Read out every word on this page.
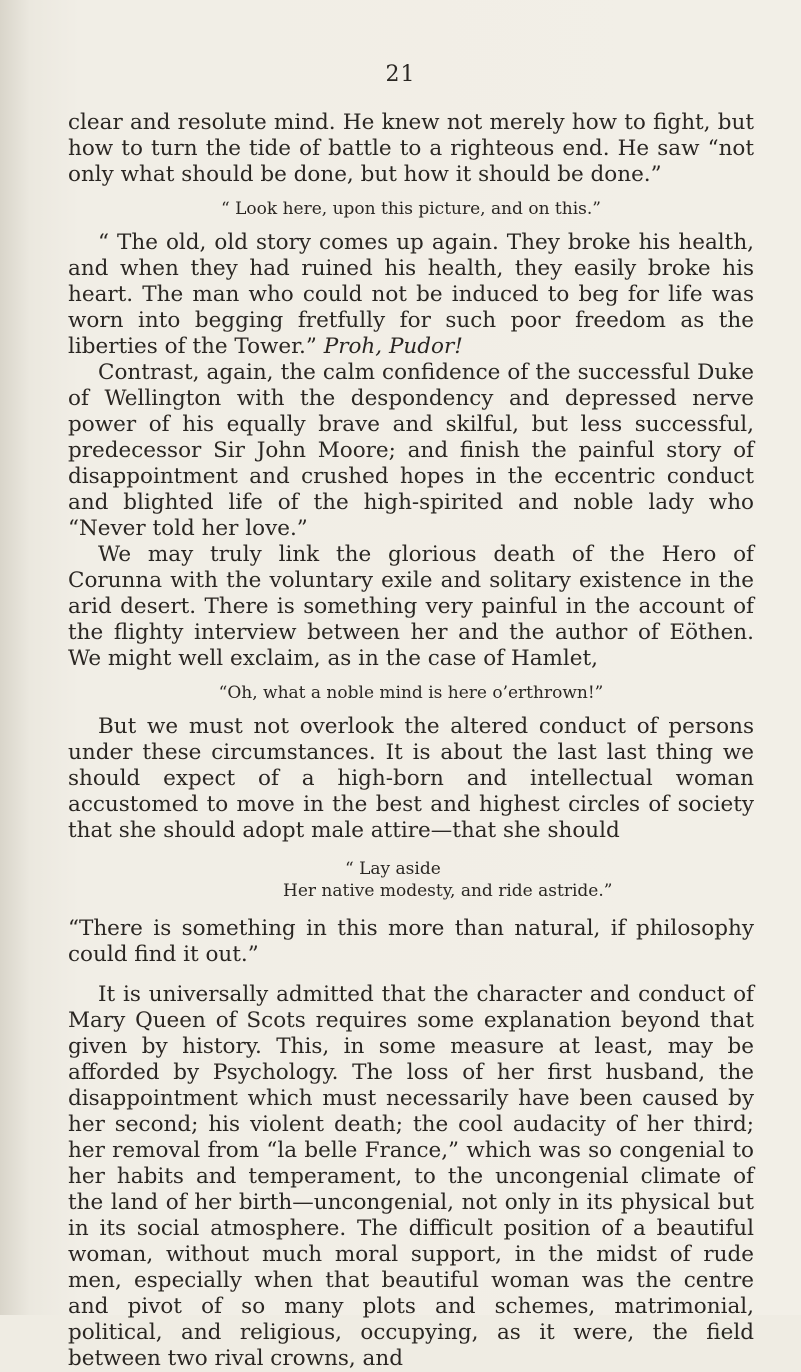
21

clear and resolute mind. He knew not merely how to fight, but how to turn the tide of battle to a righteous end. He saw “not only what should be done, but how it should be done.”

“ Look here, upon this picture, and on this.”

“ The old, old story comes up again. They broke his health, and when they had ruined his health, they easily broke his heart. The man who could not be induced to beg for life was worn into begging fretfully for such poor freedom as the liberties of the Tower.” Proh, Pudor!

Contrast, again, the calm confidence of the successful Duke of Wellington with the despondency and depressed nerve power of his equally brave and skilful, but less successful, predecessor Sir John Moore; and finish the painful story of disappointment and crushed hopes in the eccentric conduct and blighted life of the high-spirited and noble lady who “Never told her love.”

We may truly link the glorious death of the Hero of Corunna with the voluntary exile and solitary existence in the arid desert. There is something very painful in the account of the flighty interview between her and the author of Eöthen. We might well exclaim, as in the case of Hamlet,

“Oh, what a noble mind is here o’erthrown!”

But we must not overlook the altered conduct of persons under these circumstances. It is about the last last thing we should expect of a high-born and intellectual woman accustomed to move in the best and highest circles of society that she should adopt male attire—that she should

“ Lay aside
Her native modesty, and ride astride.”

“There is something in this more than natural, if philosophy could find it out.”

It is universally admitted that the character and conduct of Mary Queen of Scots requires some explanation beyond that given by history. This, in some measure at least, may be afforded by Psychology. The loss of her first husband, the disappointment which must necessarily have been caused by her second; his violent death; the cool audacity of her third; her removal from “la belle France,” which was so congenial to her habits and temperament, to the uncongenial climate of the land of her birth—uncongenial, not only in its physical but in its social atmosphere. The difficult position of a beautiful woman, without much moral support, in the midst of rude men, especially when that beautiful woman was the centre and pivot of so many plots and schemes, matrimonial, political, and religious, occupying, as it were, the field between two rival crowns, and
